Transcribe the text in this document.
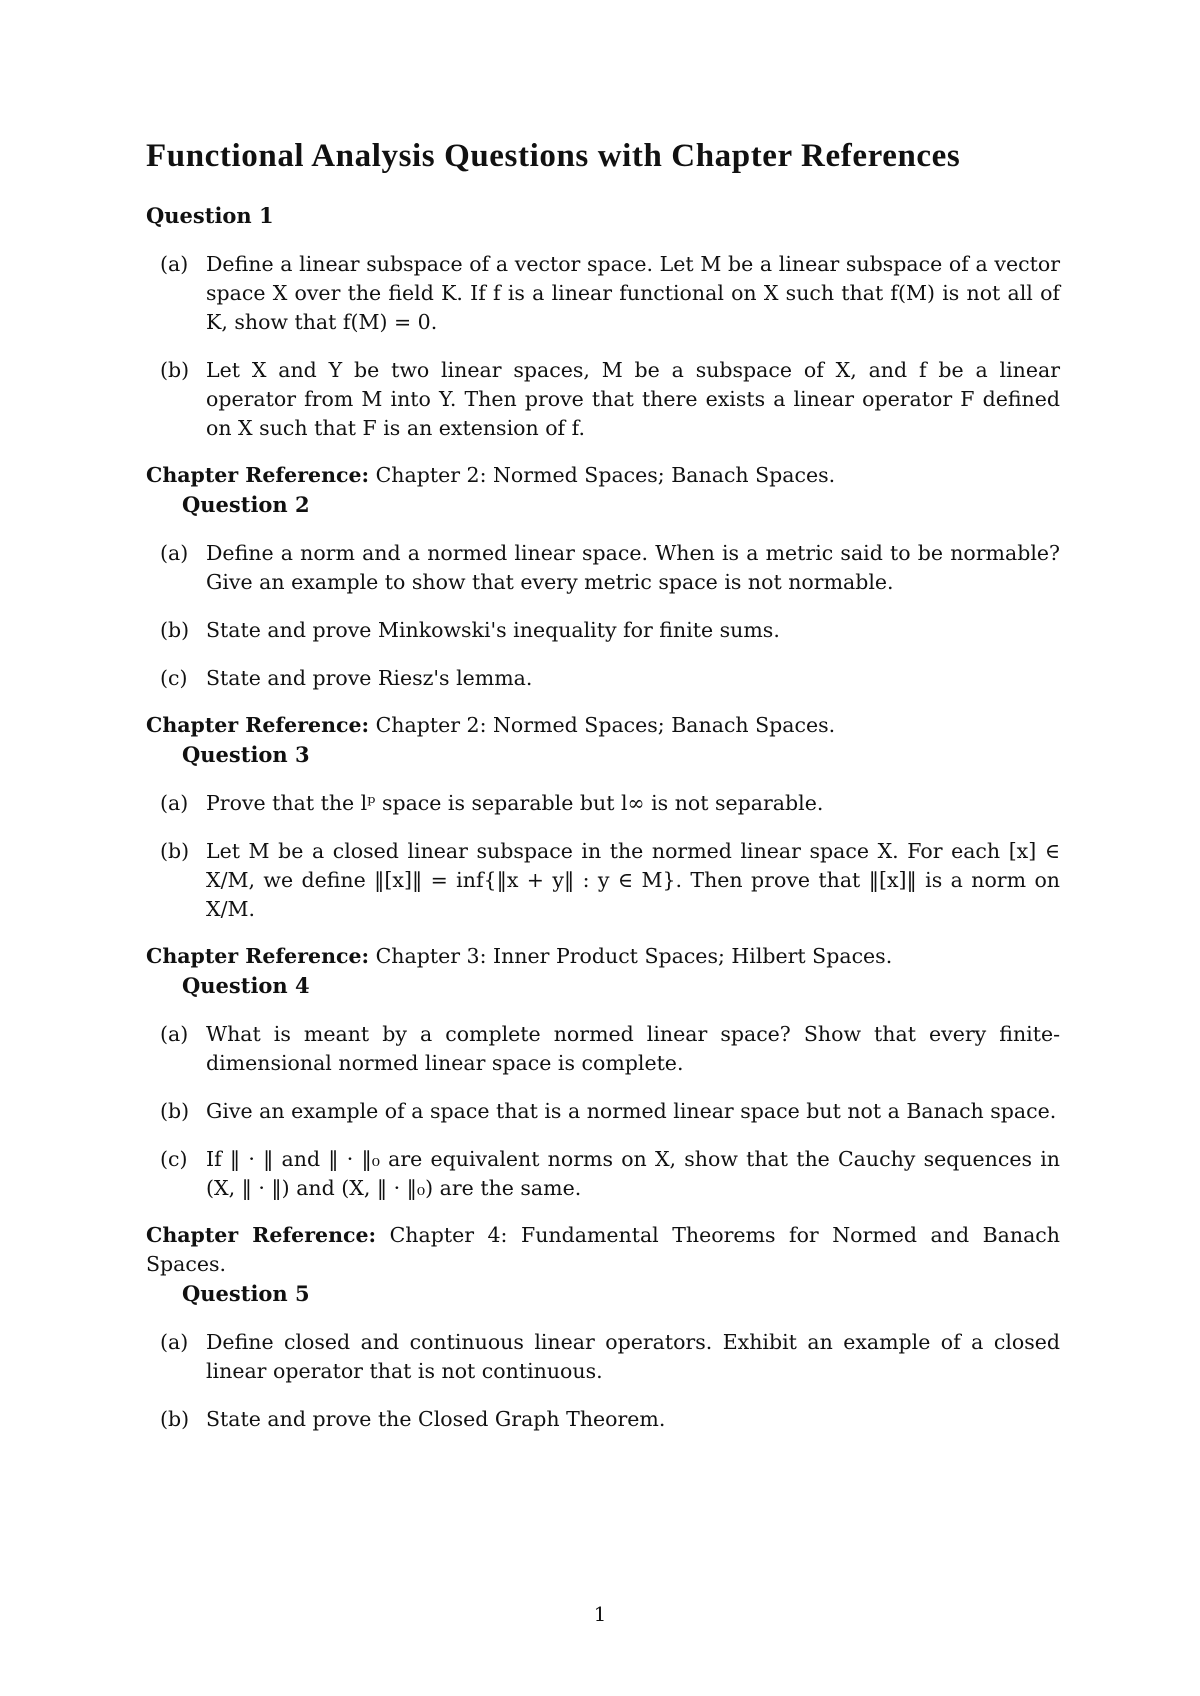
Functional Analysis Questions with Chapter References
Question 1
(a) Define a linear subspace of a vector space. Let M be a linear subspace of a vector space X over the field K. If f is a linear functional on X such that f(M) is not all of K, show that f(M) = 0.
(b) Let X and Y be two linear spaces, M be a subspace of X, and f be a linear operator from M into Y. Then prove that there exists a linear operator F defined on X such that F is an extension of f.
Chapter Reference: Chapter 2: Normed Spaces; Banach Spaces.
Question 2
(a) Define a norm and a normed linear space. When is a metric said to be normable? Give an example to show that every metric space is not normable.
(b) State and prove Minkowski's inequality for finite sums.
(c) State and prove Riesz's lemma.
Chapter Reference: Chapter 2: Normed Spaces; Banach Spaces.
Question 3
(a) Prove that the lᵖ space is separable but l∞ is not separable.
(b) Let M be a closed linear subspace in the normed linear space X. For each [x] ∈ X/M, we define ‖[x]‖ = inf{‖x + y‖ : y ∈ M}. Then prove that ‖[x]‖ is a norm on X/M.
Chapter Reference: Chapter 3: Inner Product Spaces; Hilbert Spaces.
Question 4
(a) What is meant by a complete normed linear space? Show that every finite-dimensional normed linear space is complete.
(b) Give an example of a space that is a normed linear space but not a Banach space.
(c) If ‖ · ‖ and ‖ · ‖₀ are equivalent norms on X, show that the Cauchy sequences in (X, ‖ · ‖) and (X, ‖ · ‖₀) are the same.
Chapter Reference: Chapter 4: Fundamental Theorems for Normed and Banach Spaces.
Question 5
(a) Define closed and continuous linear operators. Exhibit an example of a closed linear operator that is not continuous.
(b) State and prove the Closed Graph Theorem.
1
